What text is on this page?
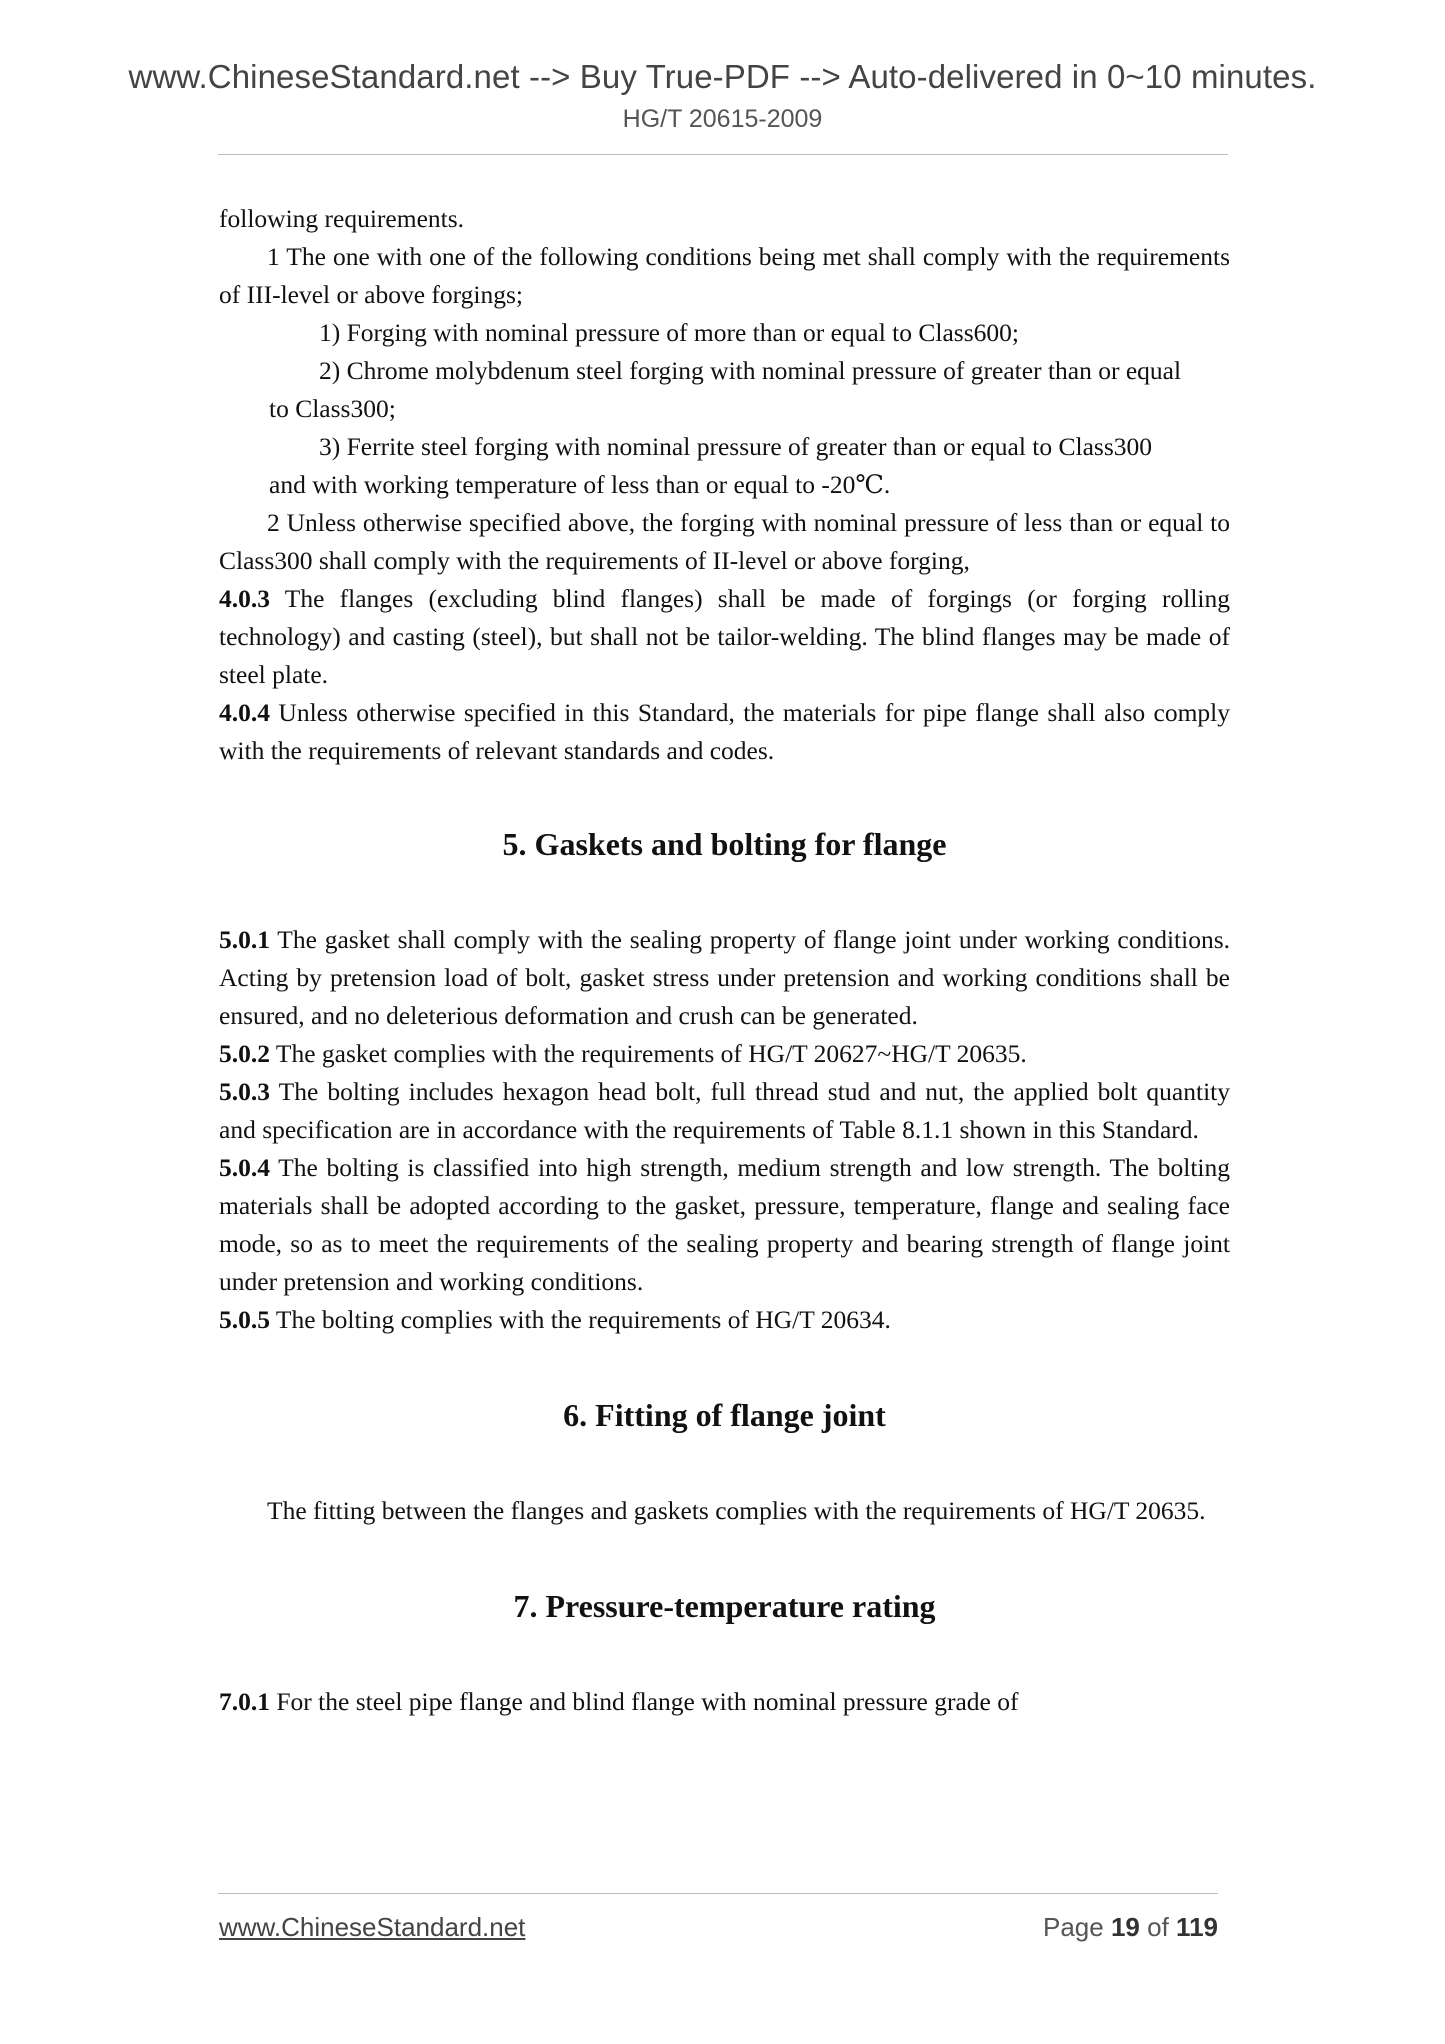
www.ChineseStandard.net --> Buy True-PDF --> Auto-delivered in 0~10 minutes.
HG/T 20615-2009

following requirements.

1 The one with one of the following conditions being met shall comply with the requirements of III-level or above forgings;

1) Forging with nominal pressure of more than or equal to Class600;

2) Chrome molybdenum steel forging with nominal pressure of greater than or equal

to Class300;

3) Ferrite steel forging with nominal pressure of greater than or equal to Class300

and with working temperature of less than or equal to -20℃.

2 Unless otherwise specified above, the forging with nominal pressure of less than or equal to Class300 shall comply with the requirements of II-level or above forging,

4.0.3 The flanges (excluding blind flanges) shall be made of forgings (or forging rolling technology) and casting (steel), but shall not be tailor-welding. The blind flanges may be made of steel plate.

4.0.4 Unless otherwise specified in this Standard, the materials for pipe flange shall also comply with the requirements of relevant standards and codes.

5. Gaskets and bolting for flange

5.0.1 The gasket shall comply with the sealing property of flange joint under working conditions. Acting by pretension load of bolt, gasket stress under pretension and working conditions shall be ensured, and no deleterious deformation and crush can be generated.

5.0.2 The gasket complies with the requirements of HG/T 20627~HG/T 20635.

5.0.3 The bolting includes hexagon head bolt, full thread stud and nut, the applied bolt quantity and specification are in accordance with the requirements of Table 8.1.1 shown in this Standard.

5.0.4 The bolting is classified into high strength, medium strength and low strength. The bolting materials shall be adopted according to the gasket, pressure, temperature, flange and sealing face mode, so as to meet the requirements of the sealing property and bearing strength of flange joint under pretension and working conditions.

5.0.5 The bolting complies with the requirements of HG/T 20634.

6. Fitting of flange joint

The fitting between the flanges and gaskets complies with the requirements of HG/T 20635.

7. Pressure-temperature rating

7.0.1 For the steel pipe flange and blind flange with nominal pressure grade of

www.ChineseStandard.net	Page 19 of 119
